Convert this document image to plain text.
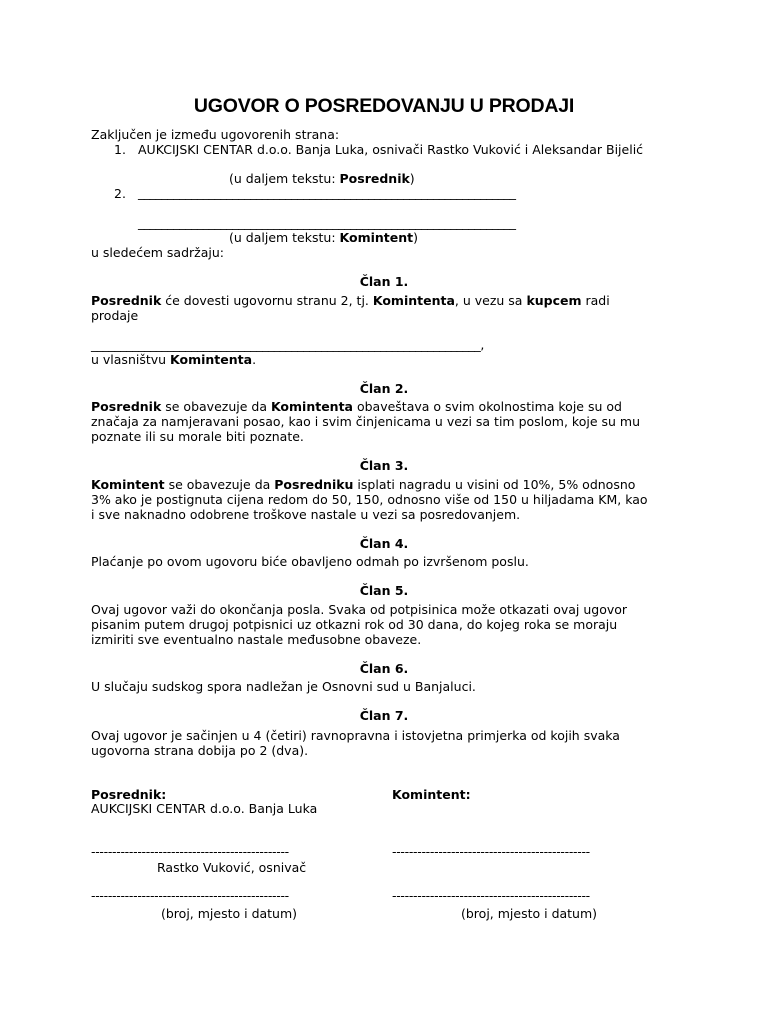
UGOVOR O POSREDOVANJU U PRODAJI
Zaključen je između ugovorenih strana:
1. AUKCIJSKI CENTAR d.o.o. Banja Luka, osnivači Rastko Vuković i Aleksandar Bijelić
(u daljem tekstu: Posrednik)
2. ________________________________________________________________
________________________________________________________________
(u daljem tekstu: Komintent)
u sledećem sadržaju:
Član 1.
Posrednik će dovesti ugovornu stranu 2, tj. Komintenta, u vezu sa kupcem radi
prodaje
__________________________________________________________________,
u vlasništvu Komintenta.
Član 2.
Posrednik se obavezuje da Komintenta obaveštava o svim okolnostima koje su od
značaja za namjeravani posao, kao i svim činjenicama u vezi sa tim poslom, koje su mu
poznate ili su morale biti poznate.
Član 3.
Komintent se obavezuje da Posredniku isplati nagradu u visini od 10%, 5% odnosno
3% ako je postignuta cijena redom do 50, 150, odnosno više od 150 u hiljadama KM, kao
i sve naknadno odobrene troškove nastale u vezi sa posredovanjem.
Član 4.
Plaćanje po ovom ugovoru biće obavljeno odmah po izvršenom poslu.
Član 5.
Ovaj ugovor važi do okončanja posla. Svaka od potpisinica može otkazati ovaj ugovor
pisanim putem drugoj potpisnici uz otkazni rok od 30 dana, do kojeg roka se moraju
izmiriti sve eventualno nastale međusobne obaveze.
Član 6.
U slučaju sudskog spora nadležan je Osnovni sud u Banjaluci.
Član 7.
Ovaj ugovor je sačinjen u 4 (četiri) ravnopravna i istovjetna primjerka od kojih svaka
ugovorna strana dobija po 2 (dva).
Posrednik:	Komintent:
AUKCIJSKI CENTAR d.o.o. Banja Luka
-----------------------------------------------	-----------------------------------------------
Rastko Vuković, osnivač
-----------------------------------------------	-----------------------------------------------
(broj, mjesto i datum)	(broj, mjesto i datum)
